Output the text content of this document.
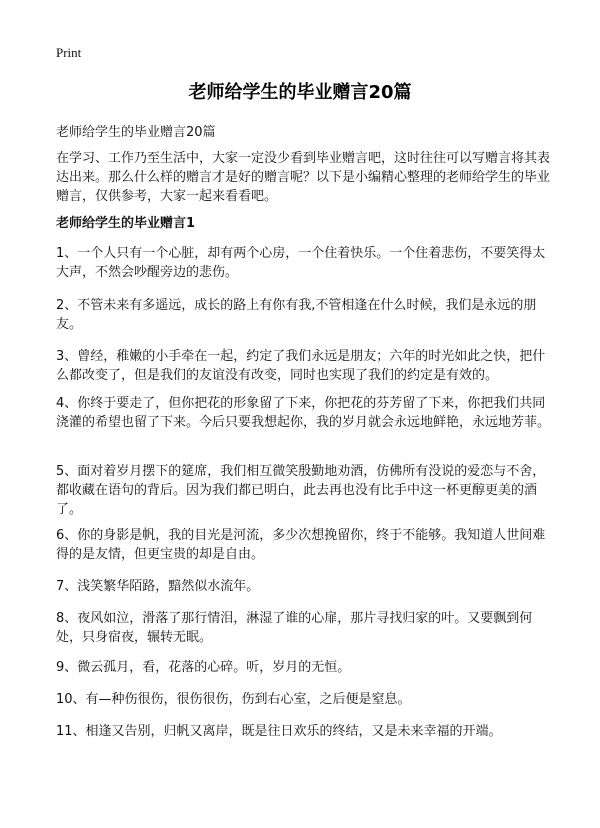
Print
老师给学生的毕业赠言20篇

老师给学生的毕业赠言20篇

在学习、工作乃至生活中，大家一定没少看到毕业赠言吧，这时往往可以写赠言将其表达出来。那么什么样的赠言才是好的赠言呢？以下是小编精心整理的老师给学生的毕业赠言，仅供参考，大家一起来看看吧。

老师给学生的毕业赠言1

1、一个人只有一个心脏，却有两个心房，一个住着快乐。一个住着悲伤，不要笑得太大声，不然会吵醒旁边的悲伤。

2、不管未来有多遥远，成长的路上有你有我,不管相逢在什么时候，我们是永远的朋友。

3、曾经，稚嫩的小手牵在一起，约定了我们永远是朋友；六年的时光如此之快，把什么都改变了，但是我们的友谊没有改变，同时也实现了我们的约定是有效的。

4、你终于要走了，但你把花的形象留了下来，你把花的芬芳留了下来，你把我们共同浇灌的希望也留了下来。今后只要我想起你，我的岁月就会永远地鲜艳，永远地芳菲。

5、面对着岁月摆下的筵席，我们相互微笑殷勤地劝酒，仿佛所有没说的爱恋与不舍，都收藏在语句的背后。因为我们都已明白，此去再也没有比手中这一杯更醇更美的酒了。

6、你的身影是帆，我的目光是河流，多少次想挽留你，终于不能够。我知道人世间难得的是友情，但更宝贵的却是自由。

7、浅笑繁华陌路，黯然似水流年。

8、夜风如泣，滑落了那行情泪，淋湿了谁的心扉，那片寻找归家的叶。又要飘到何处，只身宿夜，辗转无眠。

9、微云孤月，看，花落的心碎。听，岁月的无恒。

10、有—种伤很伤，很伤很伤，伤到右心室，之后便是窒息。

11、相逢又告别，归帆又离岸，既是往日欢乐的终结，又是未来幸福的开端。
